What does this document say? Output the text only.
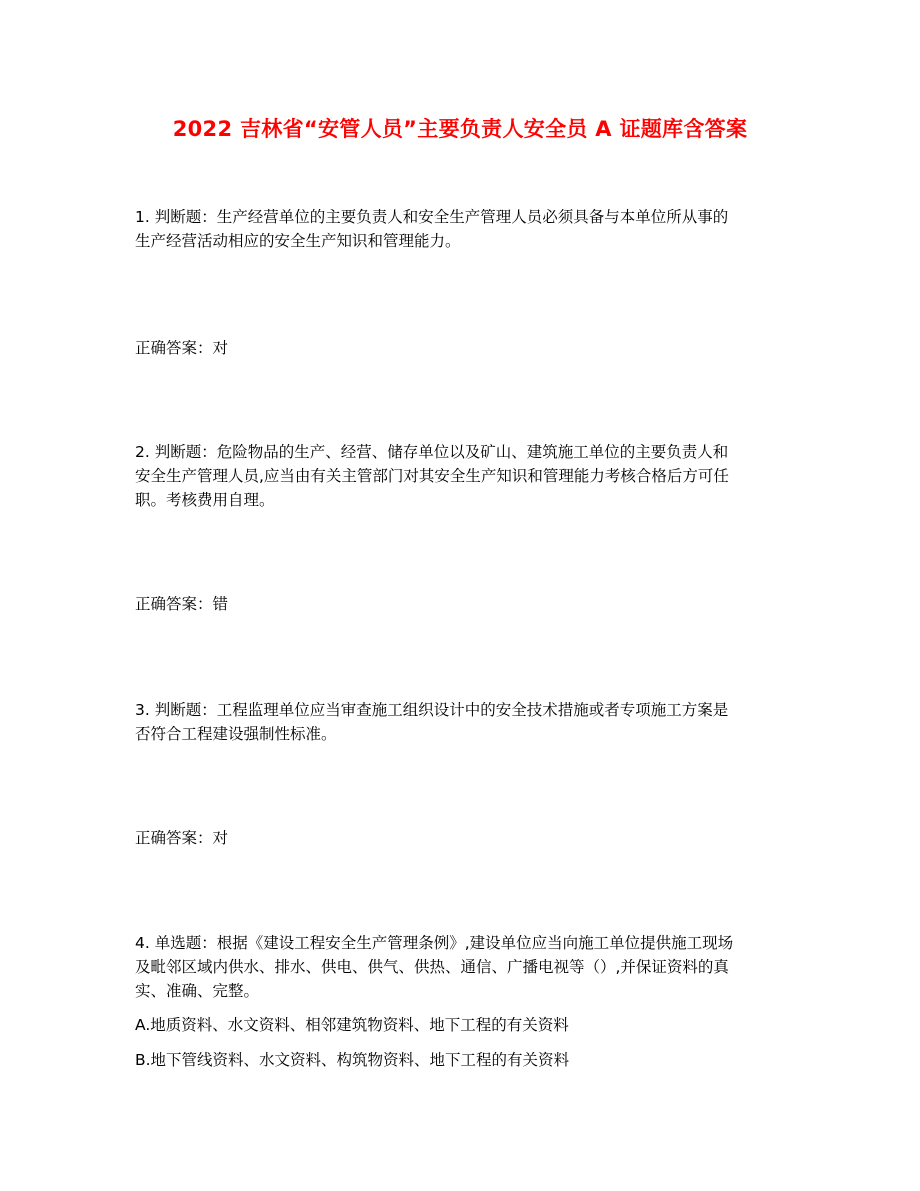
2022 吉林省“安管人员”主要负责人安全员 A 证题库含答案
1. 判断题：生产经营单位的主要负责人和安全生产管理人员必须具备与本单位所从事的
生产经营活动相应的安全生产知识和管理能力。
正确答案：对
2. 判断题：危险物品的生产、经营、储存单位以及矿山、建筑施工单位的主要负责人和
安全生产管理人员,应当由有关主管部门对其安全生产知识和管理能力考核合格后方可任
职。考核费用自理。
正确答案：错
3. 判断题：工程监理单位应当审查施工组织设计中的安全技术措施或者专项施工方案是
否符合工程建设强制性标准。
正确答案：对
4. 单选题：根据《建设工程安全生产管理条例》,建设单位应当向施工单位提供施工现场
及毗邻区域内供水、排水、供电、供气、供热、通信、广播电视等（）,并保证资料的真
实、准确、完整。
A.地质资料、水文资料、相邻建筑物资料、地下工程的有关资料
B.地下管线资料、水文资料、构筑物资料、地下工程的有关资料
